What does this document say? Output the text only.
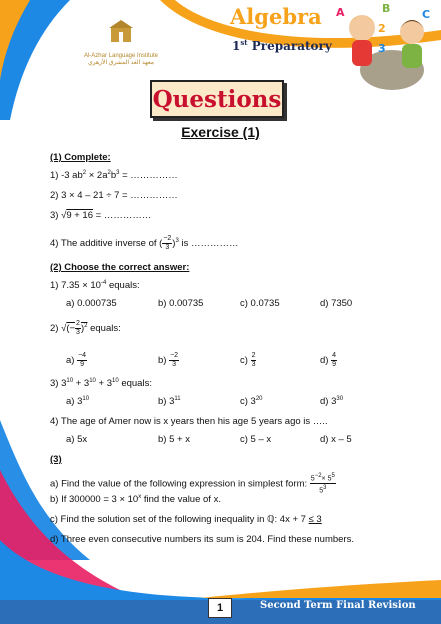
Al-Azhar Language Institute
معهد الغد المشرق الأزهري
Algebra
1st Preparatory
A	B	C
2
3
Questions
Exercise (1)
(1) Complete:
1) -3 $ab^2 \times 2a^2b^3$ = ……………
2) 3 × 4 – 21 ÷ 7 = ……………
3) √9 + 16 = ……………
4) The additive inverse of ( $\frac{-2}{3} )^3$ is ……………
(2) Choose the correct answer:
1) $7.35 \times 10^{-4}$ equals:
a) 0.000735	b) 0.00735	c) 0.0735	d) 7350
2) √(− $\frac{2}{3} )^2$ equals:
$a) \frac{-4}{9}$	$b) \frac{-2}{3}$	$c) \frac{2}{3}$	$d) \frac{4}{9}$
3) $3^{10} + 3^{10} + 3^{10}$ equals:
a) $3^{10}$	b) $3^{11}$	c) $3^{20}$	d) $3^{30}$
4) The age of Amer now is x years then his age 5 years ago is …..
a) 5x	b) 5 + x	c) 5 – x	d) x – 5
(3)
a) Find the value of the following expression in simplest form: $\frac{5^{-2}\times 5^5}{5^3}$
b) If $300000 = 3 \times 10^x$ find the value of x.
c) Find the solution set of the following inequality in ℚ: 4x + 7 ≤ 3
d) Three even consecutive numbers its sum is 204. Find these numbers.
1	Second Term Final Revision
